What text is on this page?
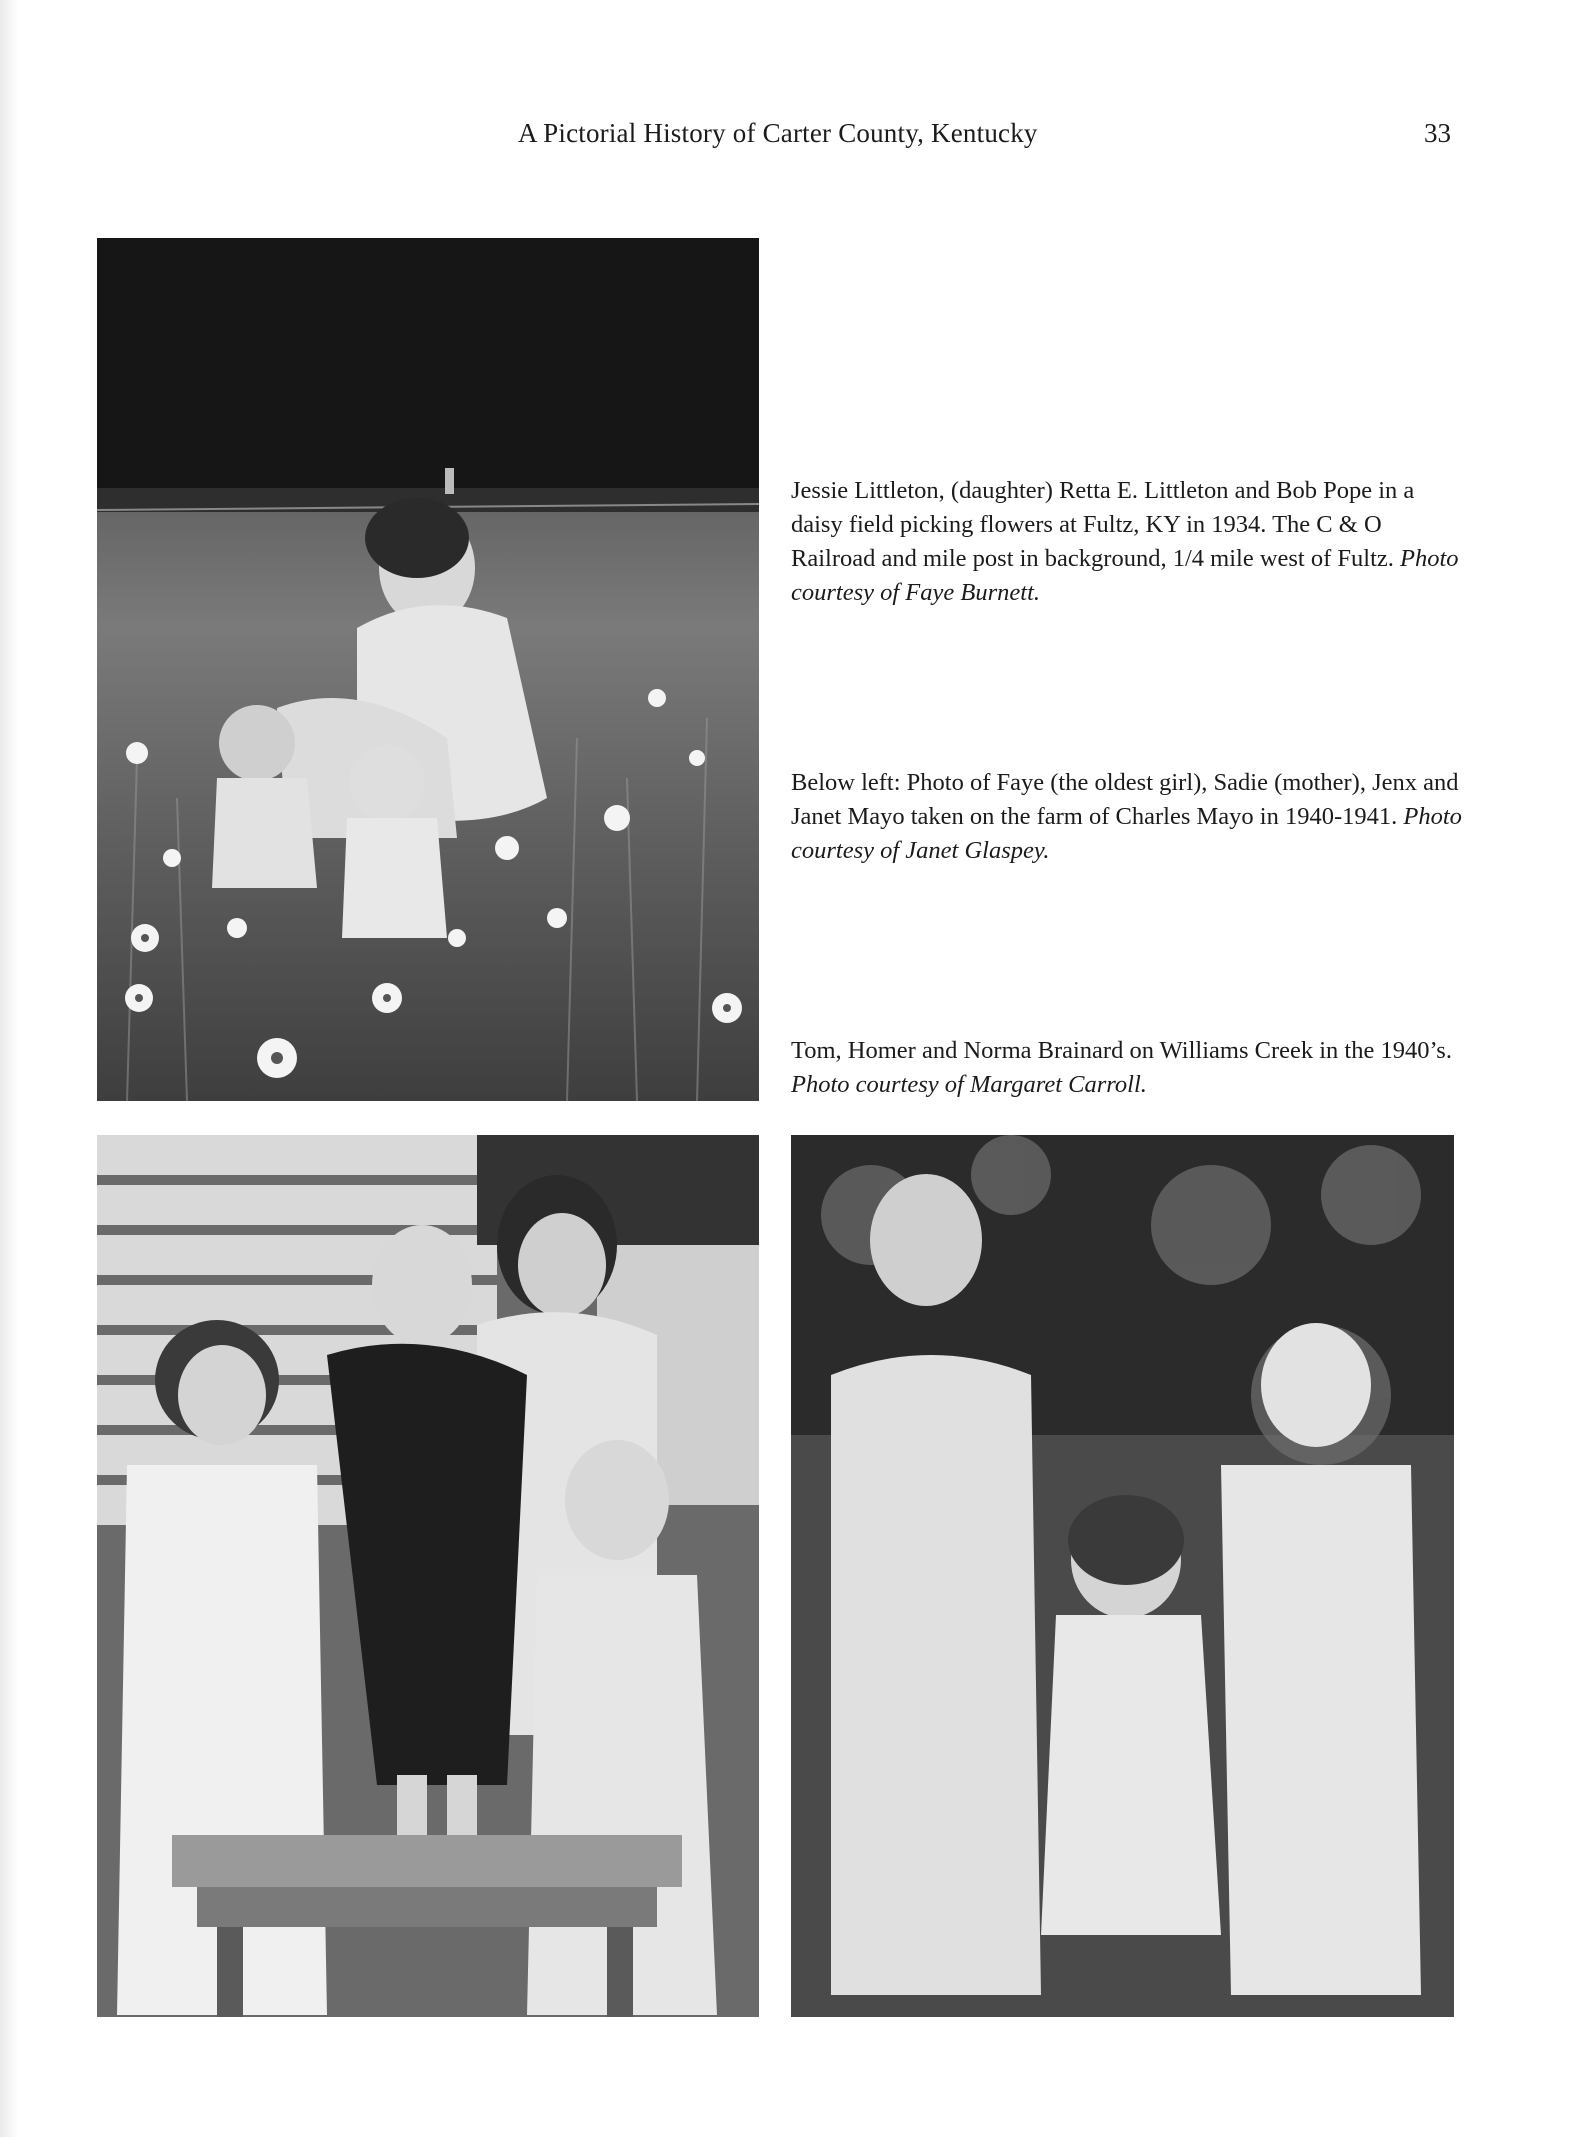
A Pictorial History of Carter County, Kentucky	33
Jessie Littleton, (daughter) Retta E. Littleton and Bob Pope in a daisy field picking flowers at Fultz, KY in 1934. The C & O Railroad and mile post in background, 1/4 mile west of Fultz. Photo courtesy of Faye Burnett.
Below left: Photo of Faye (the oldest girl), Sadie (mother), Jenx and Janet Mayo taken on the farm of Charles Mayo in 1940-1941. Photo courtesy of Janet Glaspey.
Tom, Homer and Norma Brainard on Williams Creek in the 1940’s. Photo courtesy of Margaret Carroll.
